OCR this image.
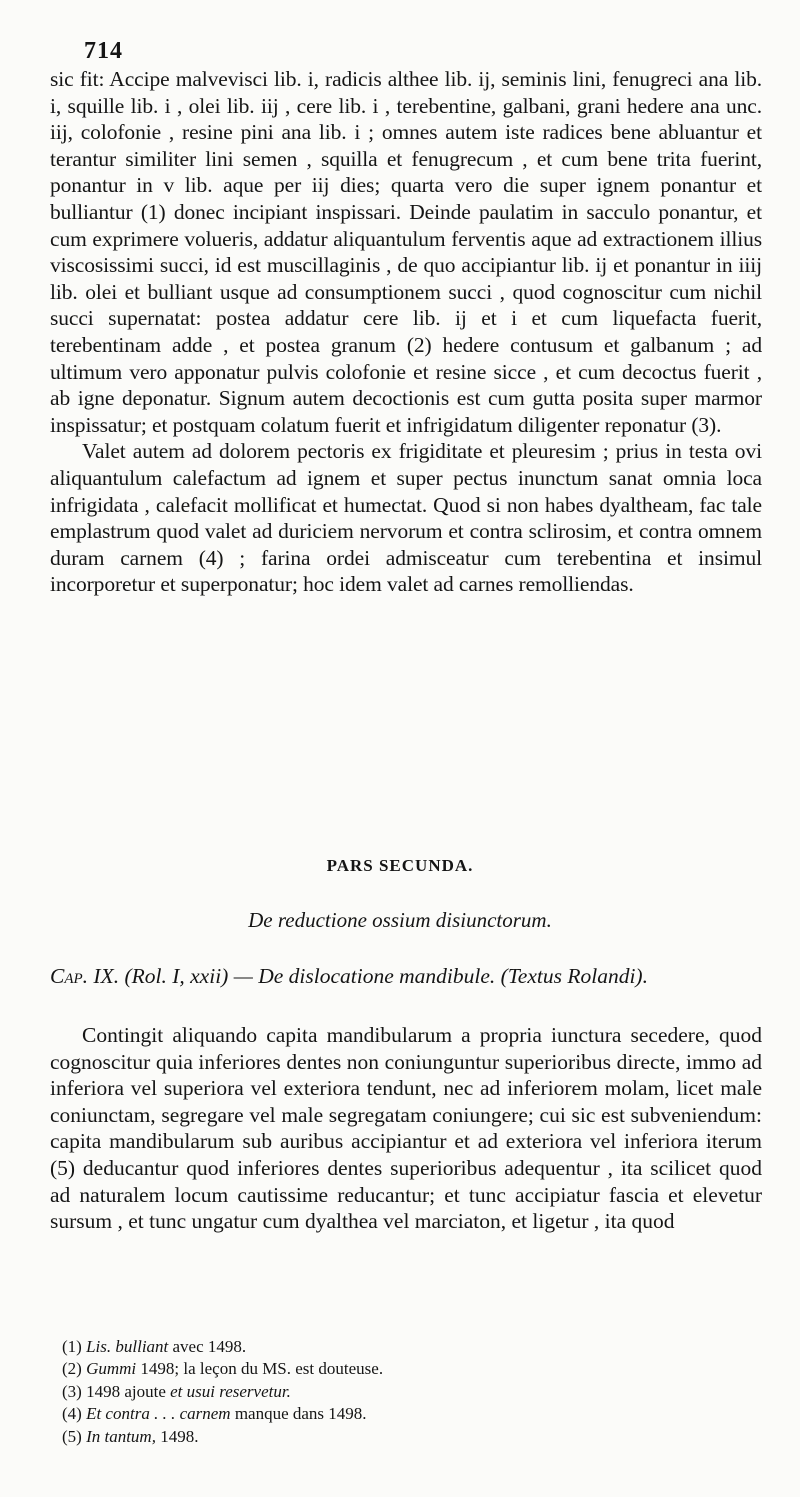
714

sic fit: Accipe malvevisci lib. i, radicis althee lib. ij, seminis lini, fenugreci ana lib. i, squille lib. i , olei lib. iij , cere lib. i , terebentine, galbani, grani hedere ana unc. iij, colofonie , resine pini ana lib. i ; omnes autem iste radices bene abluantur et terantur similiter lini semen , squilla et fenugrecum , et cum bene trita fuerint, ponantur in v lib. aque per iij dies; quarta vero die super ignem ponantur et bulliantur (1) donec incipiant inspissari. Deinde paulatim in sacculo ponantur, et cum exprimere volueris, addatur aliquantulum ferventis aque ad extractionem illius viscosissimi succi, id est muscillaginis , de quo accipiantur lib. ij et ponantur in iiij lib. olei et bulliant usque ad consumptionem succi , quod cognoscitur cum nichil succi supernatat: postea addatur cere lib. ij et i et cum liquefacta fuerit, terebentinam adde , et postea granum (2) hedere contusum et galbanum ; ad ultimum vero apponatur pulvis colofonie et resine sicce , et cum decoctus fuerit , ab igne deponatur. Signum autem decoctionis est cum gutta posita super marmor inspissatur; et postquam colatum fuerit et infrigidatum diligenter reponatur (3).

Valet autem ad dolorem pectoris ex frigiditate et pleuresim ; prius in testa ovi aliquantulum calefactum ad ignem et super pectus inunctum sanat omnia loca infrigidata , calefacit mollificat et humectat. Quod si non habes dyaltheam, fac tale emplastrum quod valet ad duriciem nervorum et contra sclirosim, et contra omnem duram carnem (4) ; farina ordei admisceatur cum terebentina et insimul incorporetur et superponatur; hoc idem valet ad carnes remolliendas.

PARS SECUNDA.
De reductione ossium disiunctorum.
Cap. IX. (Rol. I, xxii) — De dislocatione mandibule. (Textus Rolandi).

Contingit aliquando capita mandibularum a propria iunctura secedere, quod cognoscitur quia inferiores dentes non coniunguntur superioribus directe, immo ad inferiora vel superiora vel exteriora tendunt, nec ad inferiorem molam, licet male coniunctam, segregare vel male segregatam coniungere; cui sic est subveniendum: capita mandibularum sub auribus accipiantur et ad exteriora vel inferiora iterum (5) deducantur quod inferiores dentes superioribus adequentur , ita scilicet quod ad naturalem locum cautissime reducantur; et tunc accipiatur fascia et elevetur sursum , et tunc ungatur cum dyalthea vel marciaton, et ligetur , ita quod

(1) Lis. bulliant avec 1498.
(2) Gummi 1498; la leçon du MS. est douteuse.
(3) 1498 ajoute et usui reservetur.
(4) Et contra . . . carnem manque dans 1498.
(5) In tantum, 1498.
